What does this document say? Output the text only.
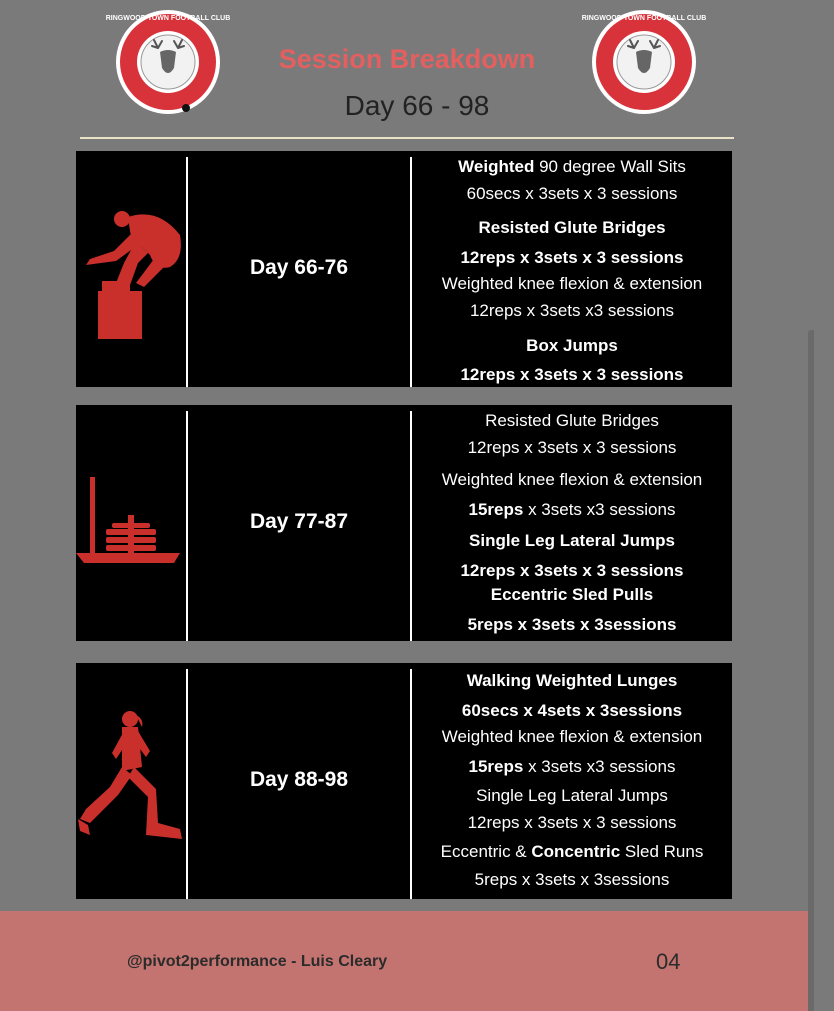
RINGWOOD TOWN FOOTBALL CLUB	RINGWOOD TOWN FOOTBALL CLUB
Session Breakdown
Day 66 - 98
Day 66-76
Weighted 90 degree Wall Sits
60secs x 3sets x 3 sessions
Resisted Glute Bridges
12reps x 3sets x 3 sessions
Weighted knee flexion & extension
12reps x 3sets x3 sessions
Box Jumps
12reps x 3sets x 3 sessions
Day 77-87
Resisted Glute Bridges
12reps x 3sets x 3 sessions
Weighted knee flexion & extension
15reps x 3sets x3 sessions
Single Leg Lateral Jumps
12reps x 3sets x 3 sessions
Eccentric Sled Pulls
5reps x 3sets x 3sessions
Day 88-98
Walking Weighted Lunges
60secs x 4sets x 3sessions
Weighted knee flexion & extension
15reps x 3sets x3 sessions
Single Leg Lateral Jumps
12reps x 3sets x 3 sessions
Eccentric & Concentric Sled Runs
5reps x 3sets x 3sessions
@pivot2performance - Luis Cleary	04
